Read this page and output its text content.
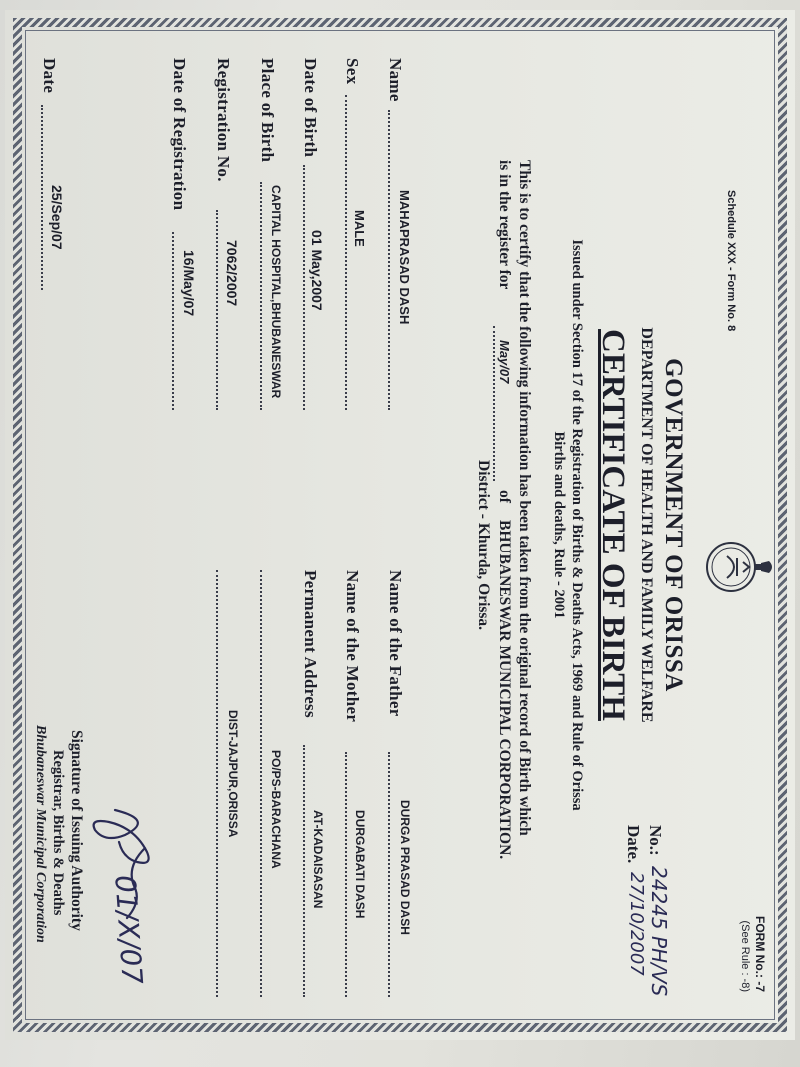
FORM No.: -7
(See Rule : -8)
Schedule XXX - Form No. 8
GOVERNMENT OF ORISSA
DEPARTMENT OF HEALTH AND FAMILY WELFARE
No.:
24245 PH/VS
Date.
27/10/2007
CERTIFICATE OF BIRTH
Issued under Section 17 of the Registration of Births & Deaths Acts, 1969 and Rule of Orissa
Births and deaths, Rule - 2001
This is to certify that the following information has been taken from the original record of Birth which
is in the register for
May/07
of
BHUBANESWAR MUNICIPAL CORPORATION.
District - Khurda, Orissa.
Name
MAHAPRASAD DASH
Sex
MALE
Date of Birth
01 May,2007
Place of Birth
CAPITAL HOSPITAL,BHUBANESWAR
Registration No.
7062/2007
Date of Registration
16/May/07
Date
25/Sep/07
Name of the Father
DURGA PRASAD DASH
Name of the Mother
DURGABATI DASH
Permanent Address
AT-KADAISASAN
PO/PS-BARACHANA
DIST-JAJPUR,ORISSA
01/X/07
Signature of Issuing Authority
Registrar, Births & Deaths
Bhubaneswar Municipal Corporation
